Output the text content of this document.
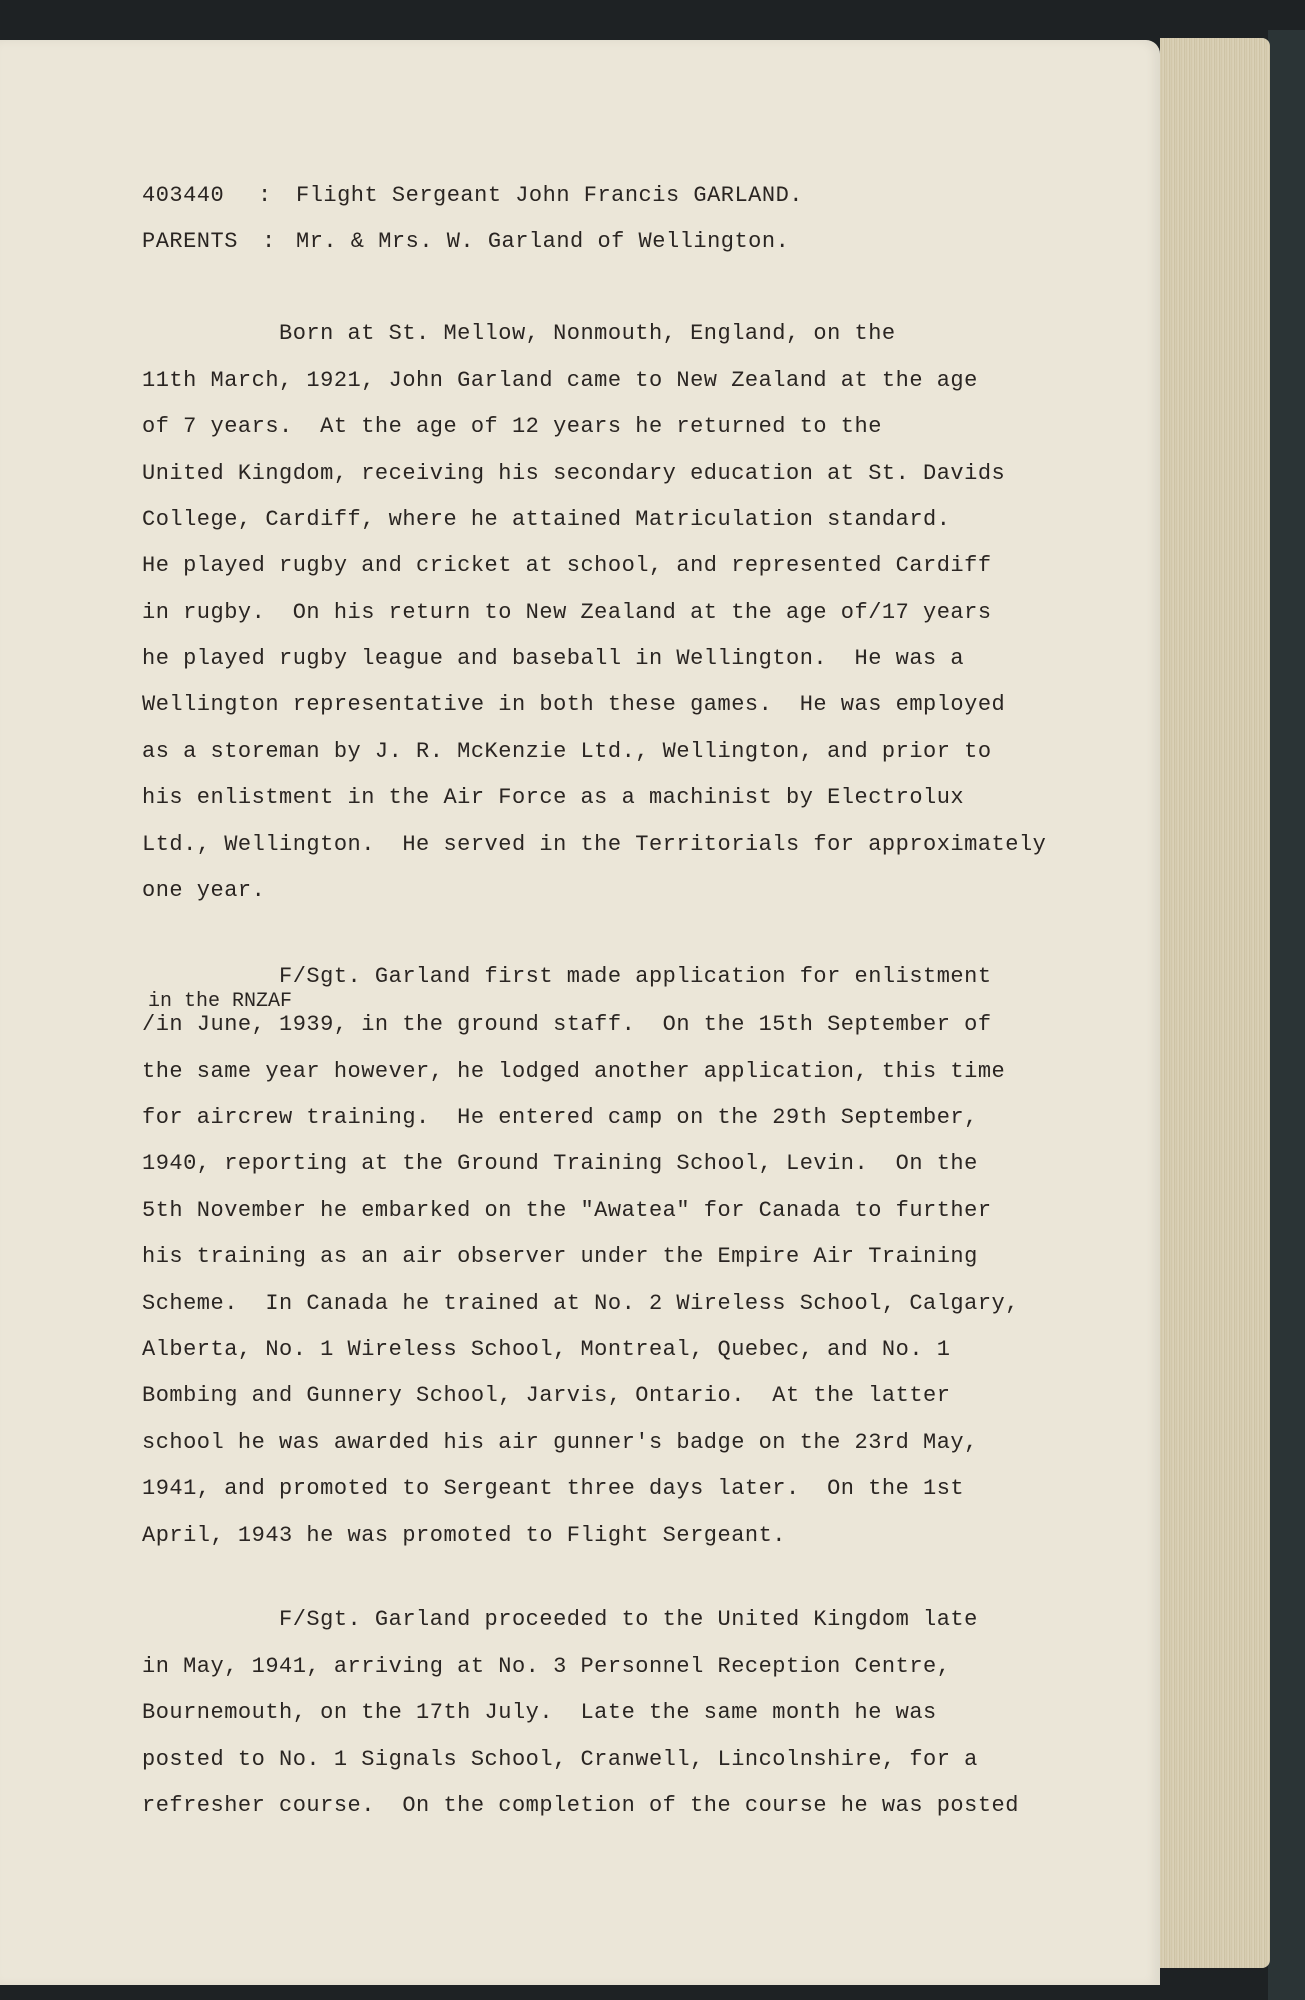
403440 : Flight Sergeant John Francis GARLAND.
PARENTS : Mr. & Mrs. W. Garland of Wellington.
Born at St. Mellow, Nonmouth, England, on the
11th March, 1921, John Garland came to New Zealand at the age
of 7 years.  At the age of 12 years he returned to the
United Kingdom, receiving his secondary education at St. Davids
College, Cardiff, where he attained Matriculation standard.
He played rugby and cricket at school, and represented Cardiff
in rugby.  On his return to New Zealand at the age of/17 years
he played rugby league and baseball in Wellington.  He was a
Wellington representative in both these games.  He was employed
as a storeman by J. R. McKenzie Ltd., Wellington, and prior to
his enlistment in the Air Force as a machinist by Electrolux
Ltd., Wellington.  He served in the Territorials for approximately
one year.
F/Sgt. Garland first made application for enlistment
in the RNZAF
/in June, 1939, in the ground staff.  On the 15th September of
the same year however, he lodged another application, this time
for aircrew training.  He entered camp on the 29th September,
1940, reporting at the Ground Training School, Levin.  On the
5th November he embarked on the "Awatea" for Canada to further
his training as an air observer under the Empire Air Training
Scheme.  In Canada he trained at No. 2 Wireless School, Calgary,
Alberta, No. 1 Wireless School, Montreal, Quebec, and No. 1
Bombing and Gunnery School, Jarvis, Ontario.  At the latter
school he was awarded his air gunner's badge on the 23rd May,
1941, and promoted to Sergeant three days later.  On the 1st
April, 1943 he was promoted to Flight Sergeant.
F/Sgt. Garland proceeded to the United Kingdom late
in May, 1941, arriving at No. 3 Personnel Reception Centre,
Bournemouth, on the 17th July.  Late the same month he was
posted to No. 1 Signals School, Cranwell, Lincolnshire, for a
refresher course.  On the completion of the course he was posted
